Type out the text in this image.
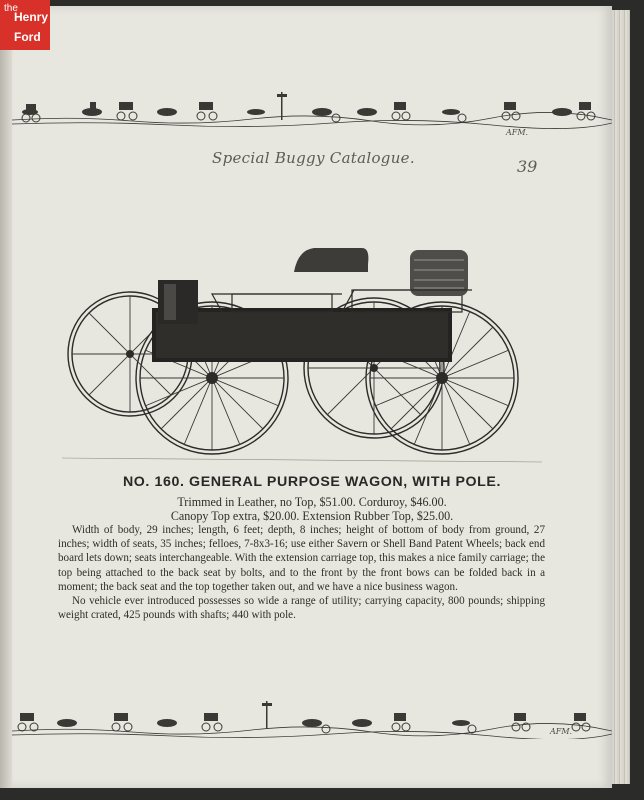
AFM.
Special Buggy Catalogue.	39
NO. 160. GENERAL PURPOSE WAGON, WITH POLE.
Trimmed in Leather, no Top, $51.00. Corduroy, $46.00.
Canopy Top extra, $20.00. Extension Rubber Top, $25.00.

Width of body, 29 inches; length, 6 feet; depth, 8 inches; height of bottom of body from ground, 27 inches; width of seats, 35 inches; felloes, 7-8x3-16; use either Savern or Shell Band Patent Wheels; back end board lets down; seats interchangeable. With the extension carriage top, this makes a nice family carriage; the top being attached to the back seat by bolts, and to the front by the front bows can be folded back in a moment; the back seat and the top together taken out, and we have a nice business wagon.

No vehicle ever introduced possesses so wide a range of utility; carrying capacity, 800 pounds; shipping weight crated, 425 pounds with shafts; 440 with pole.

AFM.
the
Henry
Ford
